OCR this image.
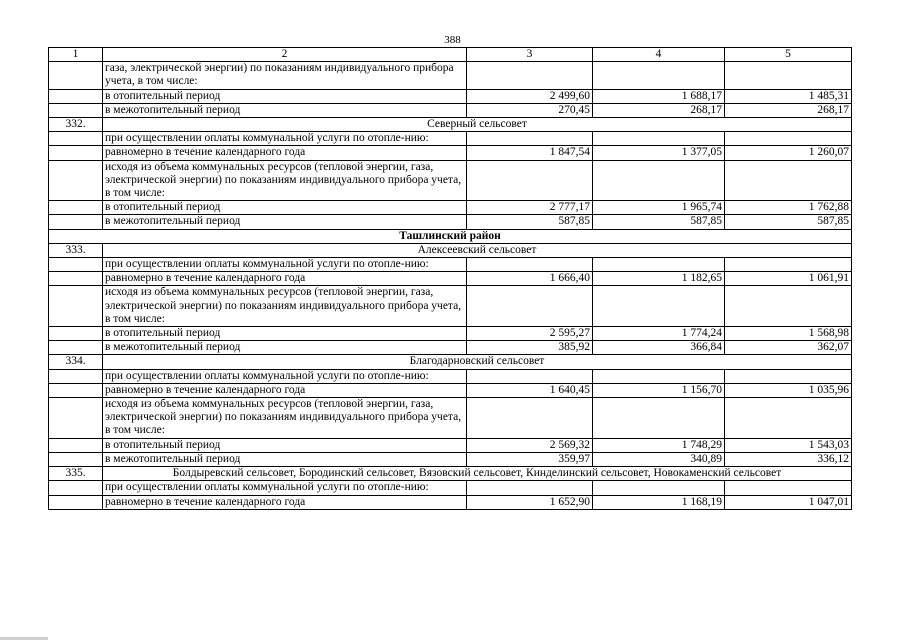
388
1	2	3	4	5
	газа, электрической энергии) по показаниям индивидуального прибора учета, в том числе:			
	в отопительный период	2 499,60	1 688,17	1 485,31
	в межотопительный период	270,45	268,17	268,17
332.	Северный сельсовет			
	при осуществлении оплаты коммунальной услуги по отопле-нию:			
	равномерно в течение календарного года	1 847,54	1 377,05	1 260,07
	исходя из объема коммунальных ресурсов (тепловой энергии, газа, электрической энергии) по показаниям индивидуального прибора учета, в том числе:			
	в отопительный период	2 777,17	1 965,74	1 762,88
	в межотопительный период	587,85	587,85	587,85
Ташлинский район				
333.	Алексеевский сельсовет			
	при осуществлении оплаты коммунальной услуги по отопле-нию:			
	равномерно в течение календарного года	1 666,40	1 182,65	1 061,91
	исходя из объема коммунальных ресурсов (тепловой энергии, газа, электрической энергии) по показаниям индивидуального прибора учета, в том числе:			
	в отопительный период	2 595,27	1 774,24	1 568,98
	в межотопительный период	385,92	366,84	362,07
334.	Благодарновский сельсовет			
	при осуществлении оплаты коммунальной услуги по отопле-нию:			
	равномерно в течение календарного года	1 640,45	1 156,70	1 035,96
	исходя из объема коммунальных ресурсов (тепловой энергии, газа, электрической энергии) по показаниям индивидуального прибора учета, в том числе:			
	в отопительный период	2 569,32	1 748,29	1 543,03
	в межотопительный период	359,97	340,89	336,12
335.	Болдыревский сельсовет, Бородинский сельсовет, Вязовский сельсовет, Кинделинский сельсовет, Новокаменский сельсовет			
	при осуществлении оплаты коммунальной услуги по отопле-нию:			
	равномерно в течение календарного года	1 652,90	1 168,19	1 047,01
